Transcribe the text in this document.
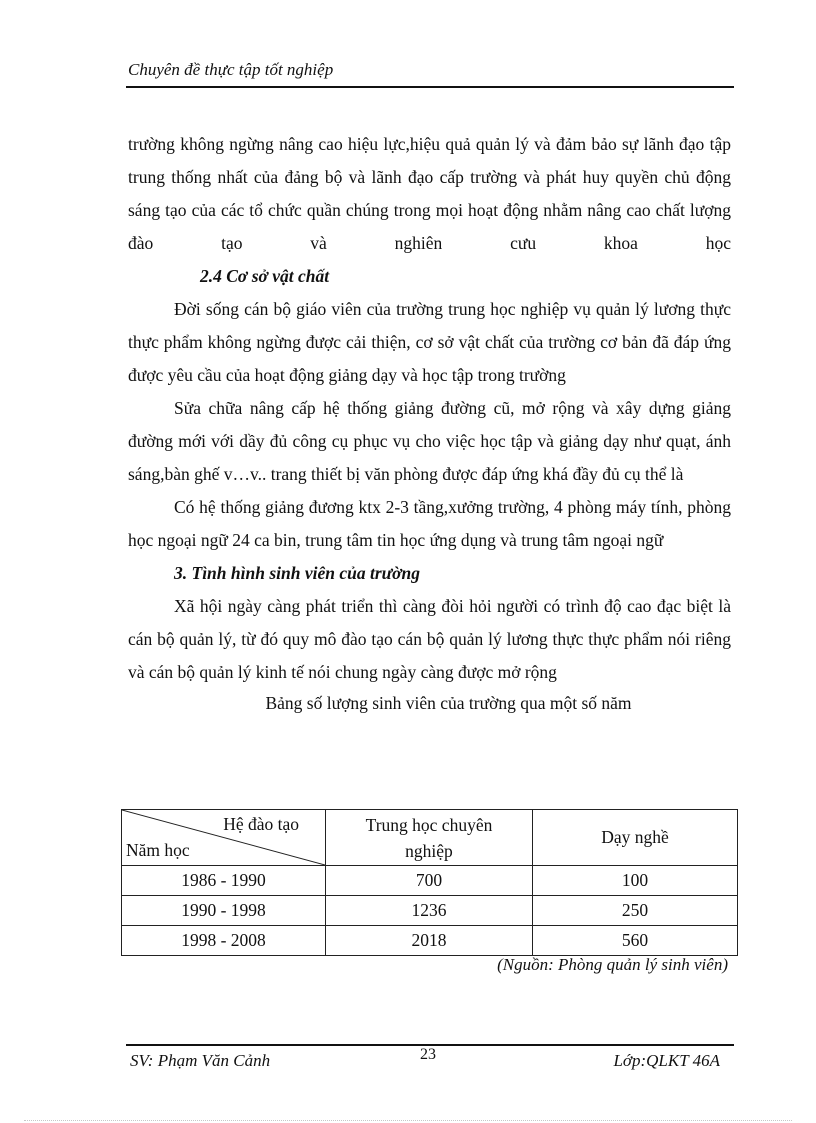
Chuyên đề thực tập tốt nghiệp

trường không ngừng nâng cao hiệu lực,hiệu quả quản lý và đảm bảo sự lãnh đạo tập trung thống nhất của đảng bộ và lãnh đạo cấp trường và phát huy quyền chủ động sáng tạo của các tổ chức quần chúng trong mọi hoạt động nhằm nâng cao chất lượng đào tạo và nghiên cưu khoa học

2.4 Cơ sở vật chất

Đời sống cán bộ giáo viên của trường trung học nghiệp vụ quản lý lương thực thực phẩm không ngừng được cải thiện, cơ sở vật chất của trường cơ bản đã đáp ứng được yêu cầu của hoạt động giảng dạy và học tập trong trường

Sửa chữa nâng cấp hệ thống giảng đường cũ, mở rộng và xây dựng giảng đường mới với dầy đủ công cụ phục vụ cho việc học tập và giảng dạy như quạt, ánh sáng,bàn ghế v…v.. trang thiết bị văn phòng được đáp ứng khá đầy đủ cụ thể là

Có hệ thống giảng đương ktx 2-3 tầng,xưởng trường, 4 phòng máy tính, phòng học ngoại ngữ 24 ca bin, trung tâm tin học ứng dụng và trung tâm ngoại ngữ

3. Tình hình sinh viên của trường

Xã hội ngày càng phát triển thì càng đòi hỏi người có trình độ cao đạc biệt là cán bộ quản lý, từ đó quy mô đào tạo cán bộ quản lý lương thực thực phẩm nói riêng và cán bộ quản lý kinh tế nói chung ngày càng được mở rộng

Bảng số lượng sinh viên của trường qua một số năm

Hệ đào tạo
Năm học	Trung học chuyên nghiệp	Dạy nghề
1986 - 1990	700	100
1990 - 1998	1236	250
1998 - 2008	2018	560
(Nguồn: Phòng quản lý sinh viên)
SV: Phạm Văn Cảnh	23	Lớp:QLKT 46A
